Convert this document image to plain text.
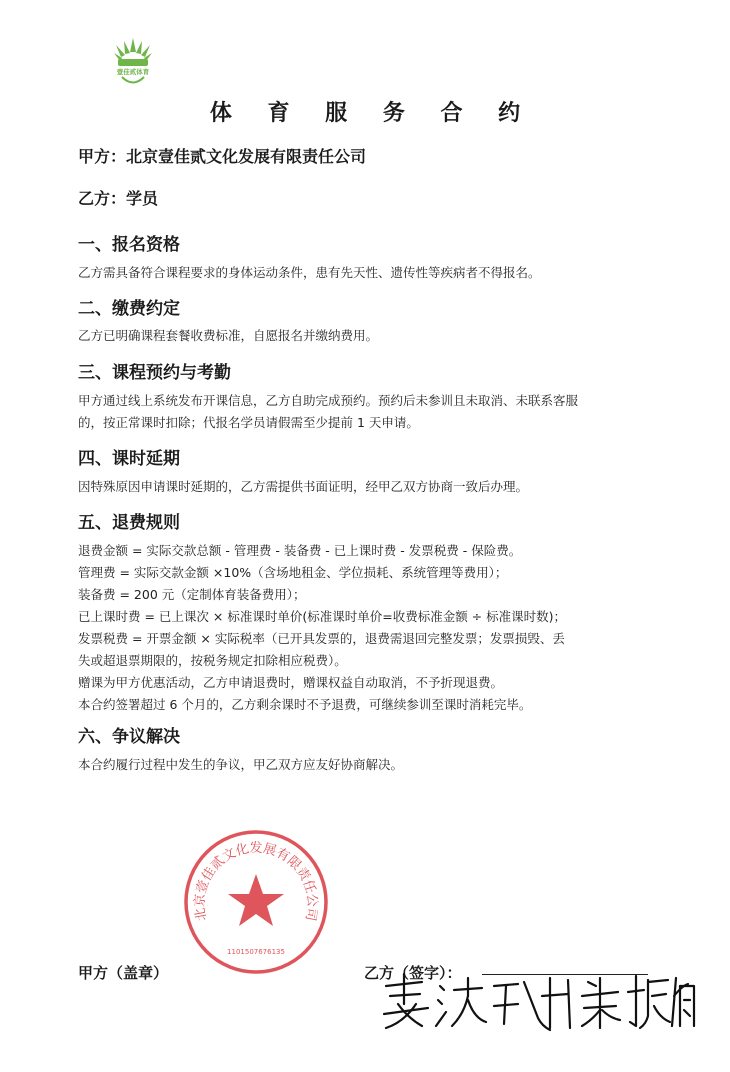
壹佳贰体育
体 育 服 务 合 约
甲方：北京壹佳贰文化发展有限责任公司
乙方：学员
一、报名资格
乙方需具备符合课程要求的身体运动条件，患有先天性、遗传性等疾病者不得报名。
二、缴费约定
乙方已明确课程套餐收费标准，自愿报名并缴纳费用。
三、课程预约与考勤
甲方通过线上系统发布开课信息，乙方自助完成预约。预约后未参训且未取消、未联系客服
的，按正常课时扣除；代报名学员请假需至少提前 1 天申请。
四、课时延期
因特殊原因申请课时延期的，乙方需提供书面证明，经甲乙双方协商一致后办理。
五、退费规则
退费金额 = 实际交款总额 - 管理费 - 装备费 - 已上课时费 - 发票税费 - 保险费。
管理费 = 实际交款金额 ×10%（含场地租金、学位损耗、系统管理等费用）；
装备费 = 200 元（定制体育装备费用）；
已上课时费 = 已上课次 × 标准课时单价(标准课时单价=收费标准金额 ÷ 标准课时数)；
发票税费 = 开票金额 × 实际税率（已开具发票的，退费需退回完整发票；发票损毁、丢
失或超退票期限的，按税务规定扣除相应税费）。
赠课为甲方优惠活动，乙方申请退费时，赠课权益自动取消，不予折现退费。
本合约签署超过 6 个月的，乙方剩余课时不予退费，可继续参训至课时消耗完毕。
六、争议解决
本合约履行过程中发生的争议，甲乙双方应友好协商解决。
北京壹佳贰文化发展有限责任公司
1101507676135
甲方（盖章）	乙方（签字）：
